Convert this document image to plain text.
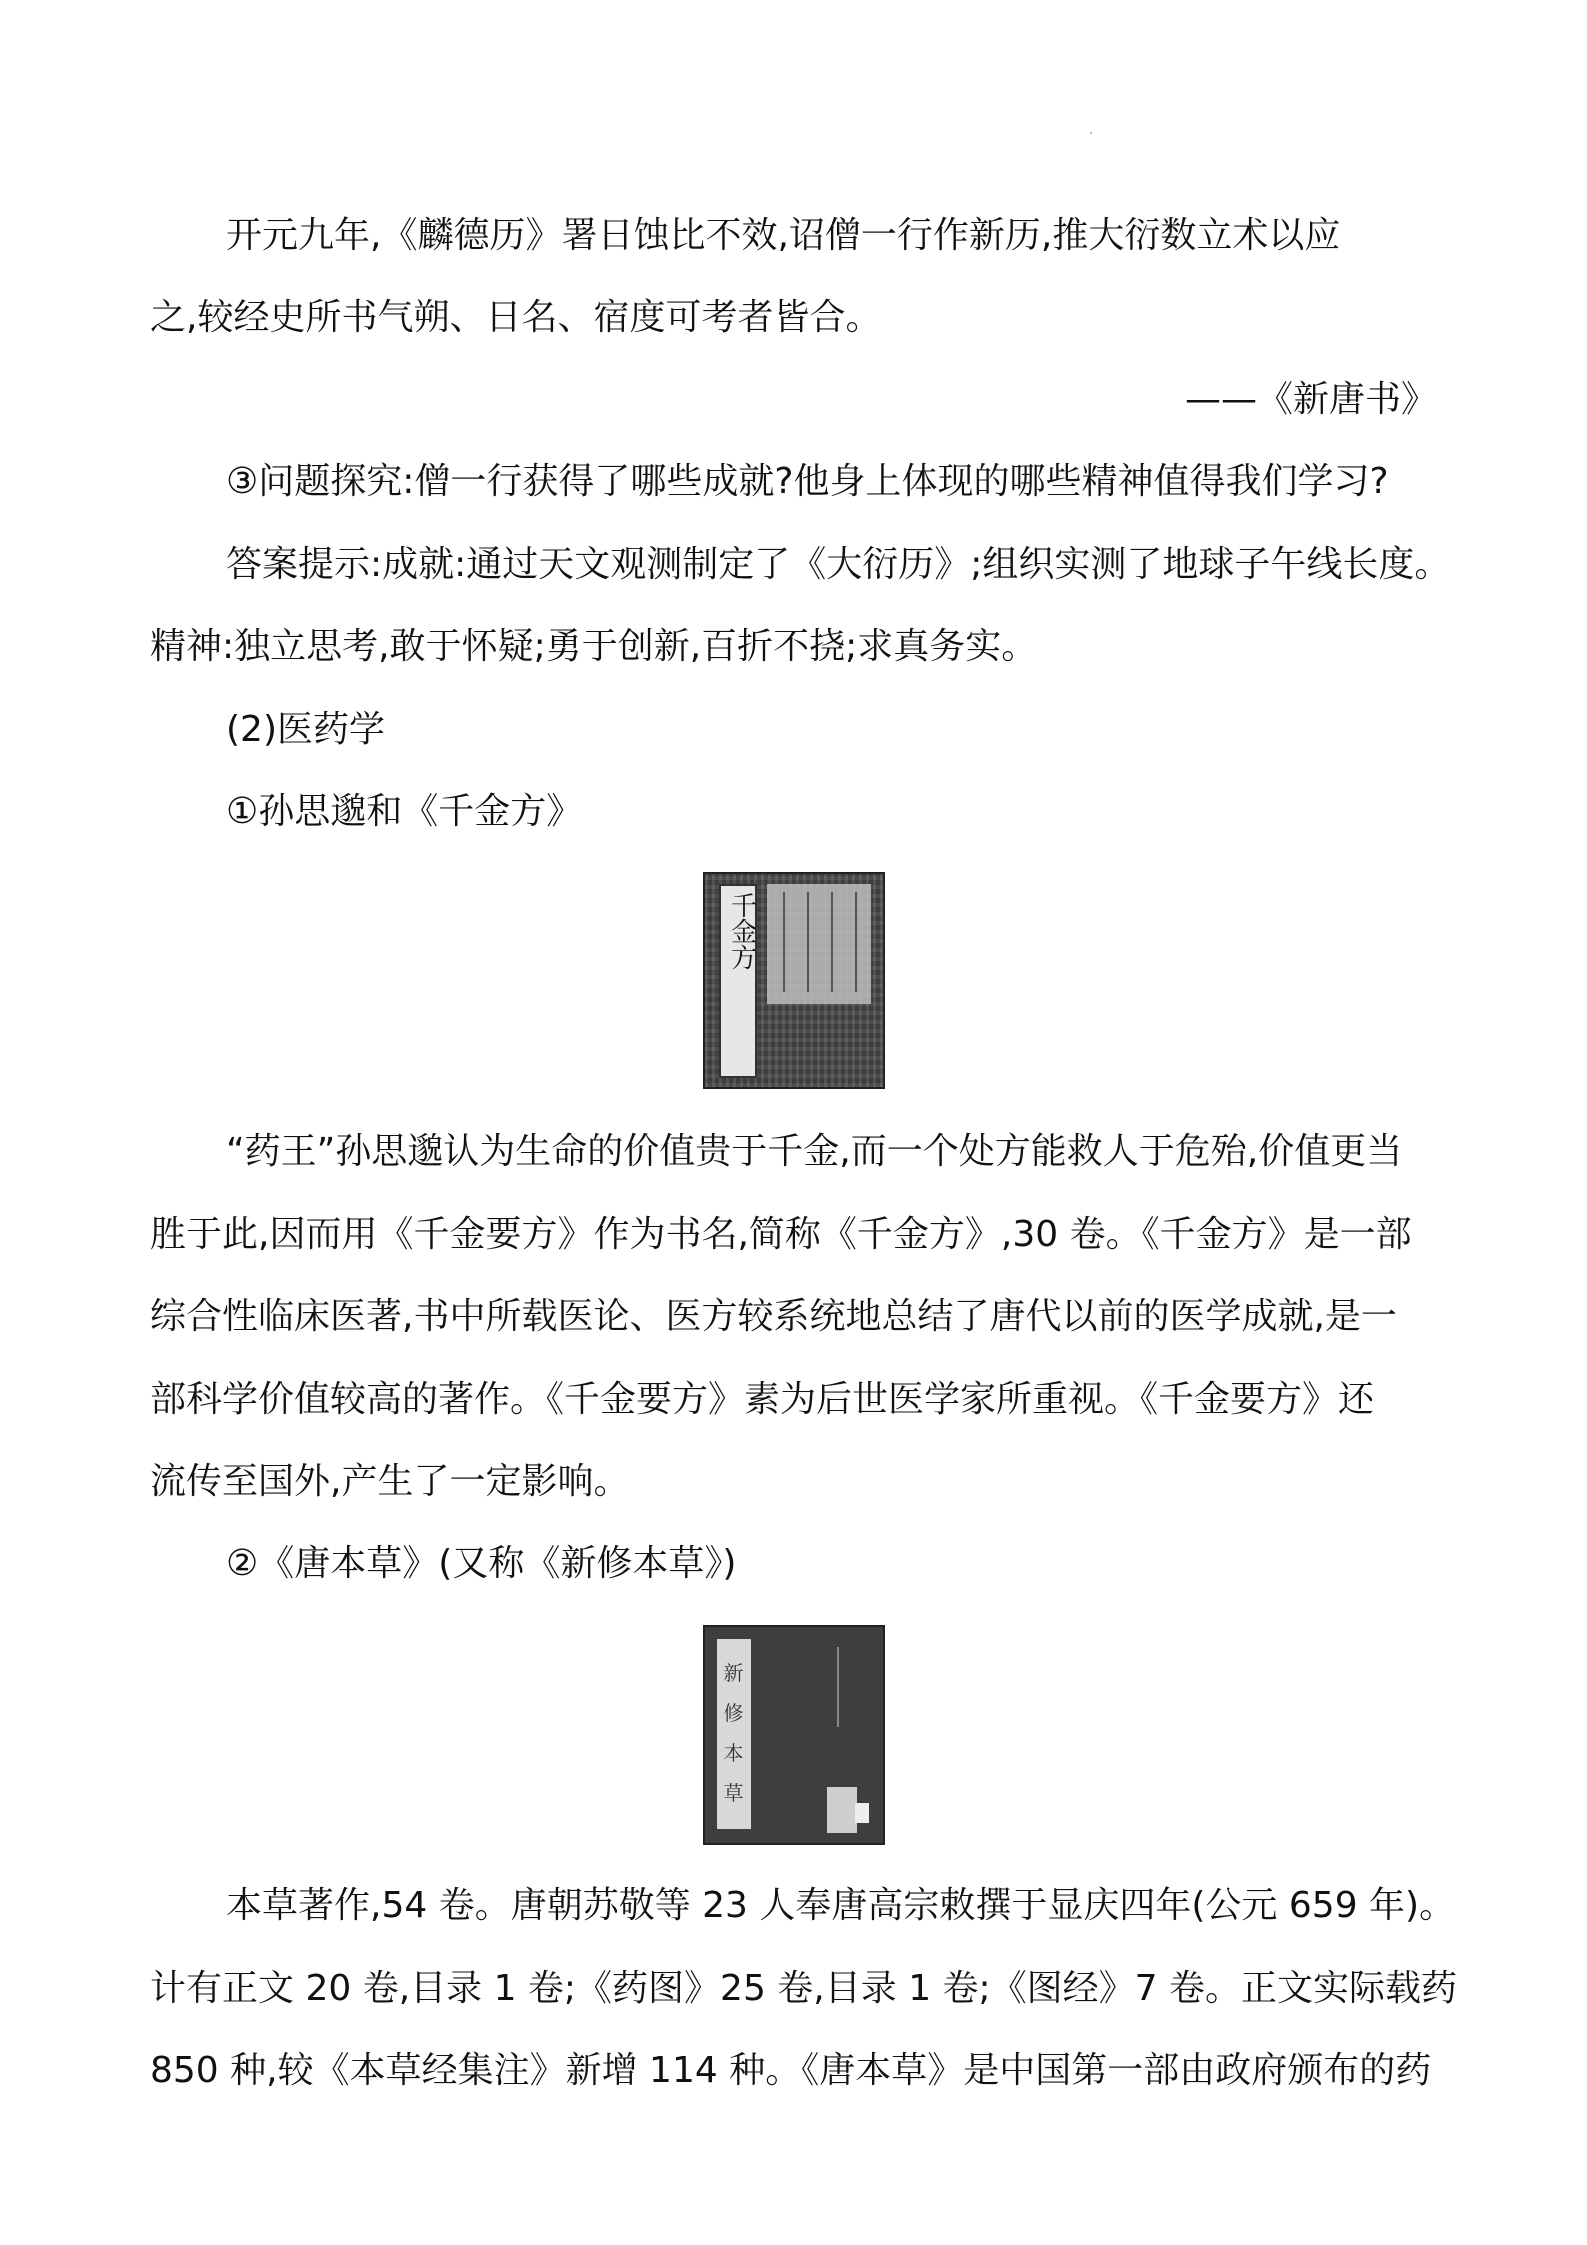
开元九年,《麟德历》署日蚀比不效,诏僧一行作新历,推大衍数立术以应
之,较经史所书气朔、日名、宿度可考者皆合。
——《新唐书》
③问题探究:僧一行获得了哪些成就?他身上体现的哪些精神值得我们学习?
答案提示:成就:通过天文观测制定了《大衍历》;组织实测了地球子午线长度。
精神:独立思考,敢于怀疑;勇于创新,百折不挠;求真务实。
(2)医药学
①孙思邈和《千金方》
千金方
“药王”孙思邈认为生命的价值贵于千金,而一个处方能救人于危殆,价值更当
胜于此,因而用《千金要方》作为书名,简称《千金方》,30 卷。《千金方》是一部
综合性临床医著,书中所载医论、医方较系统地总结了唐代以前的医学成就,是一
部科学价值较高的著作。《千金要方》素为后世医学家所重视。《千金要方》还
流传至国外,产生了一定影响。
②《唐本草》(又称《新修本草》)
新
修
本
草
本草著作,54 卷。唐朝苏敬等 23 人奉唐高宗敕撰于显庆四年(公元 659 年)。
计有正文 20 卷,目录 1 卷;《药图》25 卷,目录 1 卷;《图经》7 卷。正文实际载药
850 种,较《本草经集注》新增 114 种。《唐本草》是中国第一部由政府颁布的药
